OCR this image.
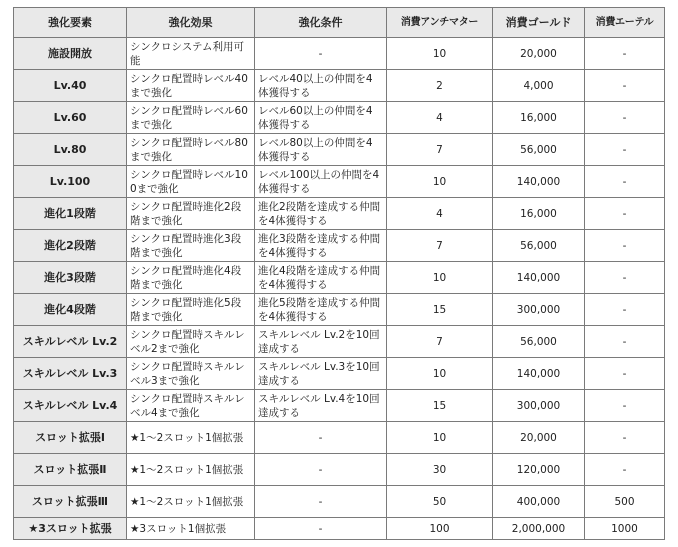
強化要素	強化効果	強化条件	消費アンチマター	消費ゴールド	消費エーテル
施設開放	シンクロシステム利用可能	-	10	20,000	-
Lv.40	シンクロ配置時レベル40まで強化	レベル40以上の仲間を4体獲得する	2	4,000	-
Lv.60	シンクロ配置時レベル60まで強化	レベル60以上の仲間を4体獲得する	4	16,000	-
Lv.80	シンクロ配置時レベル80まで強化	レベル80以上の仲間を4体獲得する	7	56,000	-
Lv.100	シンクロ配置時レベル100まで強化	レベル100以上の仲間を4体獲得する	10	140,000	-
進化1段階	シンクロ配置時進化2段階まで強化	進化2段階を達成する仲間を4体獲得する	4	16,000	-
進化2段階	シンクロ配置時進化3段階まで強化	進化3段階を達成する仲間を4体獲得する	7	56,000	-
進化3段階	シンクロ配置時進化4段階まで強化	進化4段階を達成する仲間を4体獲得する	10	140,000	-
進化4段階	シンクロ配置時進化5段階まで強化	進化5段階を達成する仲間を4体獲得する	15	300,000	-
スキルレベル Lv.2	シンクロ配置時スキルレベル2まで強化	スキルレベル Lv.2を10回達成する	7	56,000	-
スキルレベル Lv.3	シンクロ配置時スキルレベル3まで強化	スキルレベル Lv.3を10回達成する	10	140,000	-
スキルレベル Lv.4	シンクロ配置時スキルレベル4まで強化	スキルレベル Lv.4を10回達成する	15	300,000	-
スロット拡張Ⅰ	★1～2スロット1個拡張	-	10	20,000	-
スロット拡張Ⅱ	★1～2スロット1個拡張	-	30	120,000	-
スロット拡張Ⅲ	★1～2スロット1個拡張	-	50	400,000	500
★3スロット拡張	★3スロット1個拡張	-	100	2,000,000	1000
